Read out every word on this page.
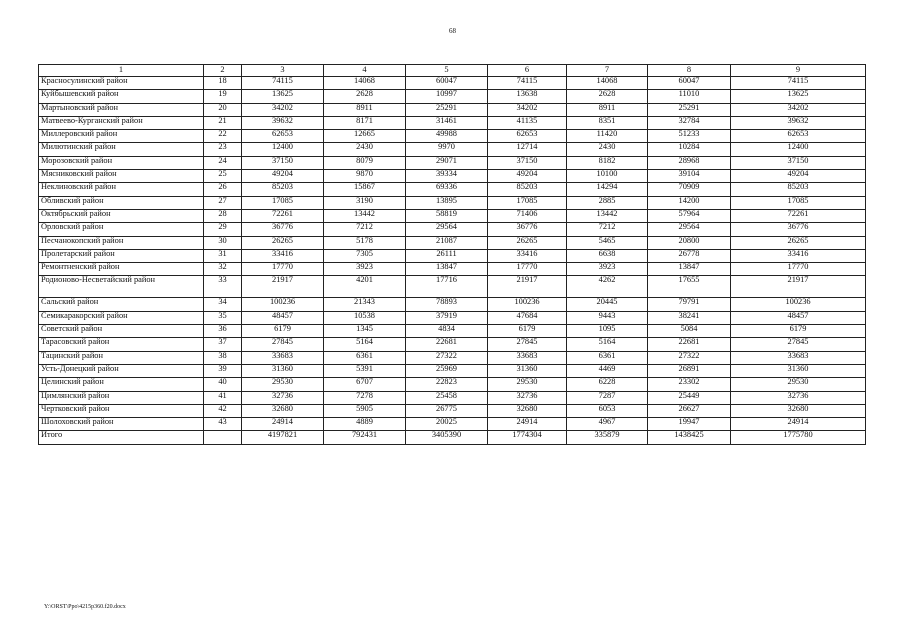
68
1	2	3	4	5	6	7	8	9
Красносулинский район	18	74115	14068	60047	74115	14068	60047	74115
Куйбышевский район	19	13625	2628	10997	13638	2628	11010	13625
Мартыновский район	20	34202	8911	25291	34202	8911	25291	34202
Матвеево-Курганский район	21	39632	8171	31461	41135	8351	32784	39632
Миллеровский район	22	62653	12665	49988	62653	11420	51233	62653
Милютинский район	23	12400	2430	9970	12714	2430	10284	12400
Морозовский район	24	37150	8079	29071	37150	8182	28968	37150
Мясниковский район	25	49204	9870	39334	49204	10100	39104	49204
Неклиновский район	26	85203	15867	69336	85203	14294	70909	85203
Обливский район	27	17085	3190	13895	17085	2885	14200	17085
Октябрьский район	28	72261	13442	58819	71406	13442	57964	72261
Орловский район	29	36776	7212	29564	36776	7212	29564	36776
Песчанокопский район	30	26265	5178	21087	26265	5465	20800	26265
Пролетарский район	31	33416	7305	26111	33416	6638	26778	33416
Ремонтненский район	32	17770	3923	13847	17770	3923	13847	17770
Родионово-Несветайский район	33	21917	4201	17716	21917	4262	17655	21917
Сальский район	34	100236	21343	78893	100236	20445	79791	100236
Семикаракорский район	35	48457	10538	37919	47684	9443	38241	48457
Советский район	36	6179	1345	4834	6179	1095	5084	6179
Тарасовский район	37	27845	5164	22681	27845	5164	22681	27845
Тацинский район	38	33683	6361	27322	33683	6361	27322	33683
Усть-Донецкий район	39	31360	5391	25969	31360	4469	26891	31360
Целинский район	40	29530	6707	22823	29530	6228	23302	29530
Цимлянский район	41	32736	7278	25458	32736	7287	25449	32736
Чертковский район	42	32680	5905	26775	32680	6053	26627	32680
Шолоховский район	43	24914	4889	20025	24914	4967	19947	24914
Итого		4197821	792431	3405390	1774304	335879	1438425	1775780
Y:\ORST\Ppo\4215p360.f20.docx
